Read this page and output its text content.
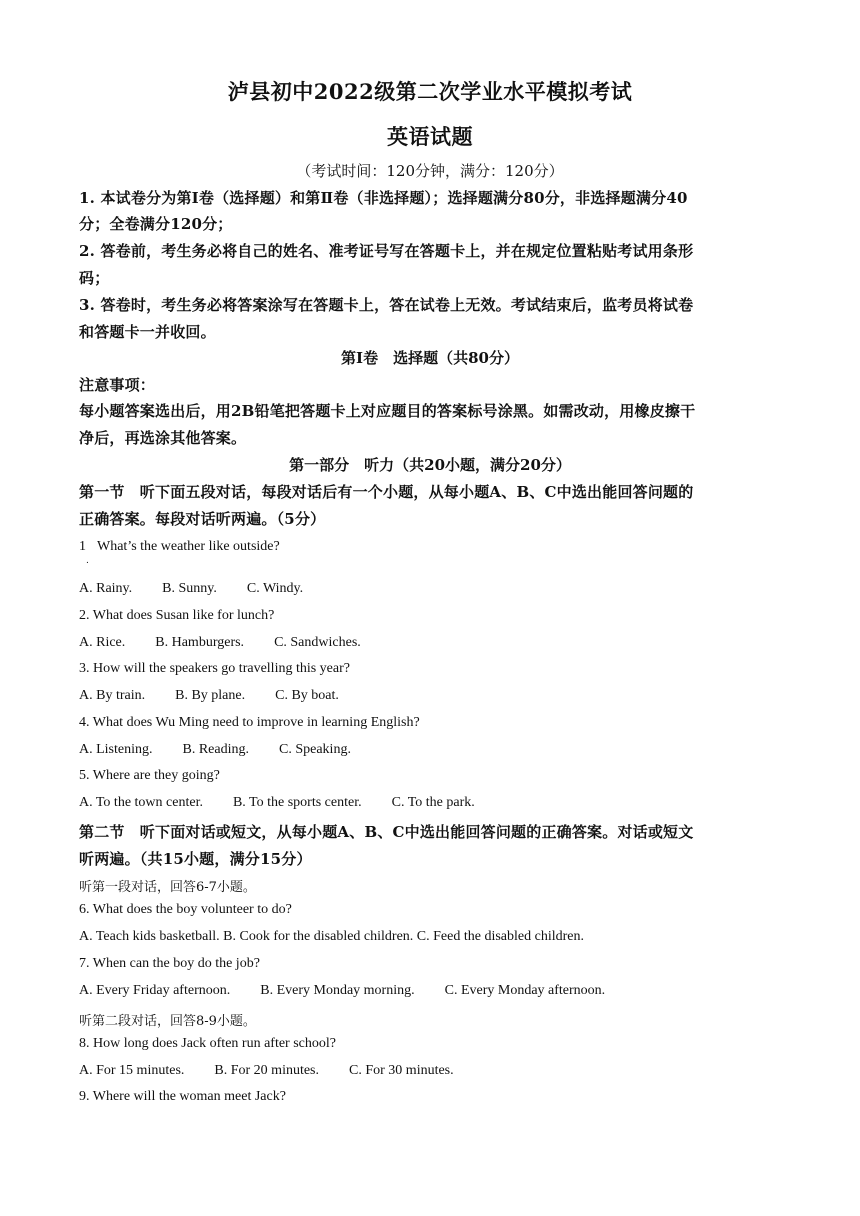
泸县初中2022级第二次学业水平模拟考试
英语试题
（考试时间：120分钟，满分：120分）
1. 本试卷分为第Ⅰ卷（选择题）和第Ⅱ卷（非选择题）；选择题满分80分，非选择题满分40
分；全卷满分120分；
2. 答卷前，考生务必将自己的姓名、准考证号写在答题卡上，并在规定位置粘贴考试用条形
码；
3. 答卷时，考生务必将答案涂写在答题卡上，答在试卷上无效。考试结束后，监考员将试卷
和答题卡一并收回。
第Ⅰ卷　选择题（共80分）
注意事项：
每小题答案选出后，用2B铅笔把答题卡上对应题目的答案标号涂黑。如需改动，用橡皮擦干
净后，再选涂其他答案。
第一部分　听力（共20小题，满分20分）
第一节　听下面五段对话，每段对话后有一个小题，从每小题A、B、C中选出能回答问题的
正确答案。每段对话听两遍。（5分）
1
.
What’s the weather like outside?
A. Rainy. B. Sunny. C. Windy.
2. What does Susan like for lunch?
A. Rice. B. Hamburgers. C. Sandwiches.
3. How will the speakers go travelling this year?
A. By train. B. By plane. C. By boat.
4. What does Wu Ming need to improve in learning English?
A. Listening. B. Reading. C. Speaking.
5. Where are they going?
A. To the town center. B. To the sports center. C. To the park.
第二节　听下面对话或短文，从每小题A、B、C中选出能回答问题的正确答案。对话或短文
听两遍。（共15小题，满分15分）
听第一段对话，回答6-7小题。
6. What does the boy volunteer to do?
A. Teach kids basketball. B. Cook for the disabled children. C. Feed the disabled children.
7. When can the boy do the job?
A. Every Friday afternoon. B. Every Monday morning. C. Every Monday afternoon.
听第二段对话，回答8-9小题。
8. How long does Jack often run after school?
A. For 15 minutes. B. For 20 minutes. C. For 30 minutes.
9. Where will the woman meet Jack?
